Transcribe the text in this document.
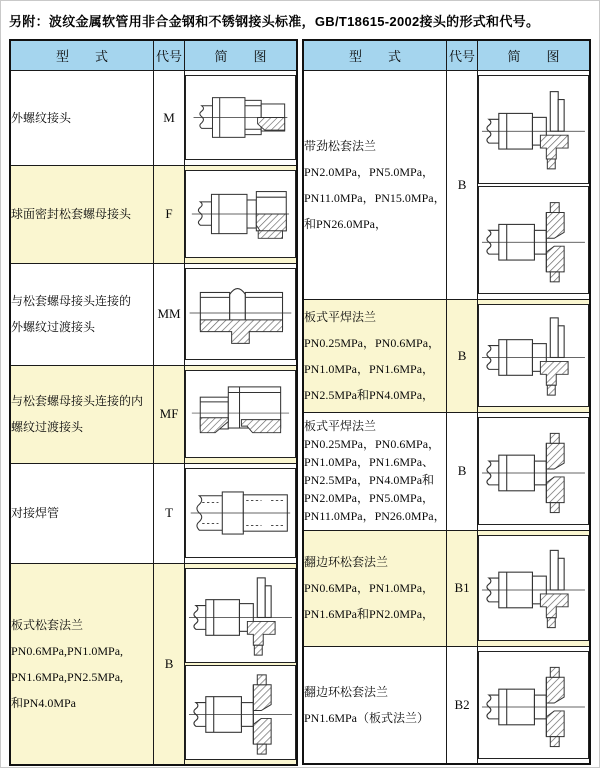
另附：波纹金属软管用非合金钢和不锈钢接头标准，GB/T18615-2002接头的形式和代号。
型　　式	代号	简　　图

外螺纹接头	M	

球面密封松套螺母接头	F	

与松套螺母接头连接的
外螺纹过渡接头	MM	

与松套螺母接头连接的内
螺纹过渡接头	MF	

对接焊管	T	

板式松套法兰
PN0.6MPa,PN1.0MPa,
PN1.6MPa,PN2.5MPa,
和PN4.0MPa	B	
型　　式	代号	简　　图

带劲松套法兰
PN2.0MPa，PN5.0MPa，
PN11.0MPa，PN15.0MPa，
和PN26.0MPa，	B	

板式平焊法兰
PN0.25MPa，PN0.6MPa，
PN1.0MPa，PN1.6MPa，
PN2.5MPa和PN4.0MPa，	B	

板式平焊法兰
PN0.25MPa，PN0.6MPa，
PN1.0MPa，PN1.6MPa、
PN2.5MPa，PN4.0MPa和
PN2.0MPa，PN5.0MPa，
PN11.0MPa，PN26.0MPa，
	B	

翻边环松套法兰
PN0.6MPa，PN1.0MPa，
PN1.6MPa和PN2.0MPa，	B1	

翻边环松套法兰
PN1.6MPa（板式法兰）	B2	
